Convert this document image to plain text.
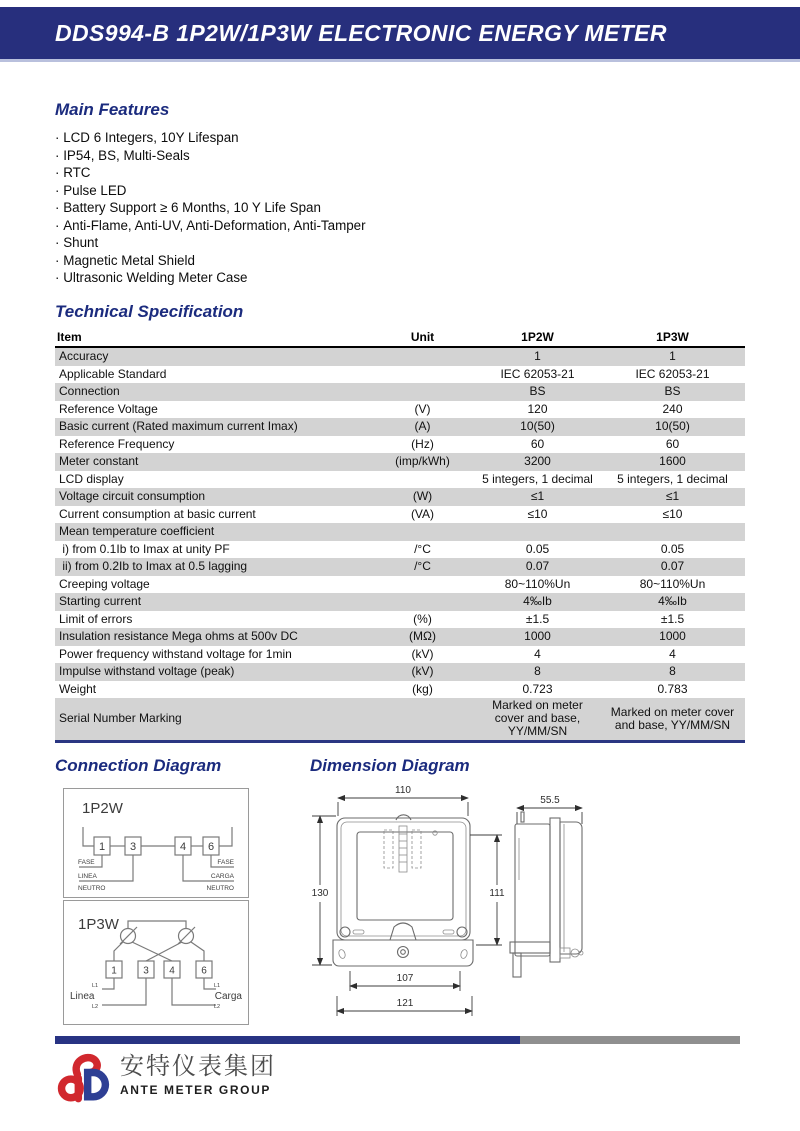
DDS994-B 1P2W/1P3W ELECTRONIC ENERGY METER
Main Features
· LCD 6 Integers, 10Y Lifespan
· IP54, BS, Multi-Seals
· RTC
· Pulse LED
· Battery Support ≥ 6 Months, 10 Y Life Span
· Anti-Flame, Anti-UV, Anti-Deformation, Anti-Tamper
· Shunt
· Magnetic Metal Shield
· Ultrasonic Welding Meter Case
Technical Specification
Item	Unit	1P2W	1P3W
Accuracy		1	1
Applicable Standard		IEC 62053-21	IEC 62053-21
Connection		BS	BS
Reference Voltage	(V)	120	240
Basic current (Rated maximum current Imax)	(A)	10(50)	10(50)
Reference Frequency	(Hz)	60	60
Meter constant	(imp/kWh)	3200	1600
LCD display		5 integers, 1 decimal	5 integers, 1 decimal
Voltage circuit consumption	(W)	≤1	≤1
Current consumption at basic current	(VA)	≤10	≤10
Mean temperature coefficient			
i) from 0.1Ib to Imax at unity PF	/°C	0.05	0.05
ii) from 0.2Ib to Imax at 0.5 lagging	/°C	0.07	0.07
Creeping voltage		80~110%Un	80~110%Un
Starting current		4‰Ib	4‰Ib
Limit of errors	(%)	±1.5	±1.5
Insulation resistance Mega ohms at 500v DC	(MΩ)	1000	1000
Power frequency withstand voltage for 1min	(kV)	4	4
Impulse withstand voltage (peak)	(kV)	8	8
Weight	(kg)	0.723	0.783
Serial Number Marking		Marked on meter cover and base, YY/MM/SN	Marked on meter cover and base, YY/MM/SN
Connection Diagram
1P2W
1 3	4 6
FASE
LINEA
NEUTRO
FASE
CARGA
NEUTRO
1P3W
1	3 4	6
L1
L2
L1
L2
Linea	Carga
Dimension Diagram
110
111
130
107
121
55.5
安特仪表集团
ANTE METER GROUP
